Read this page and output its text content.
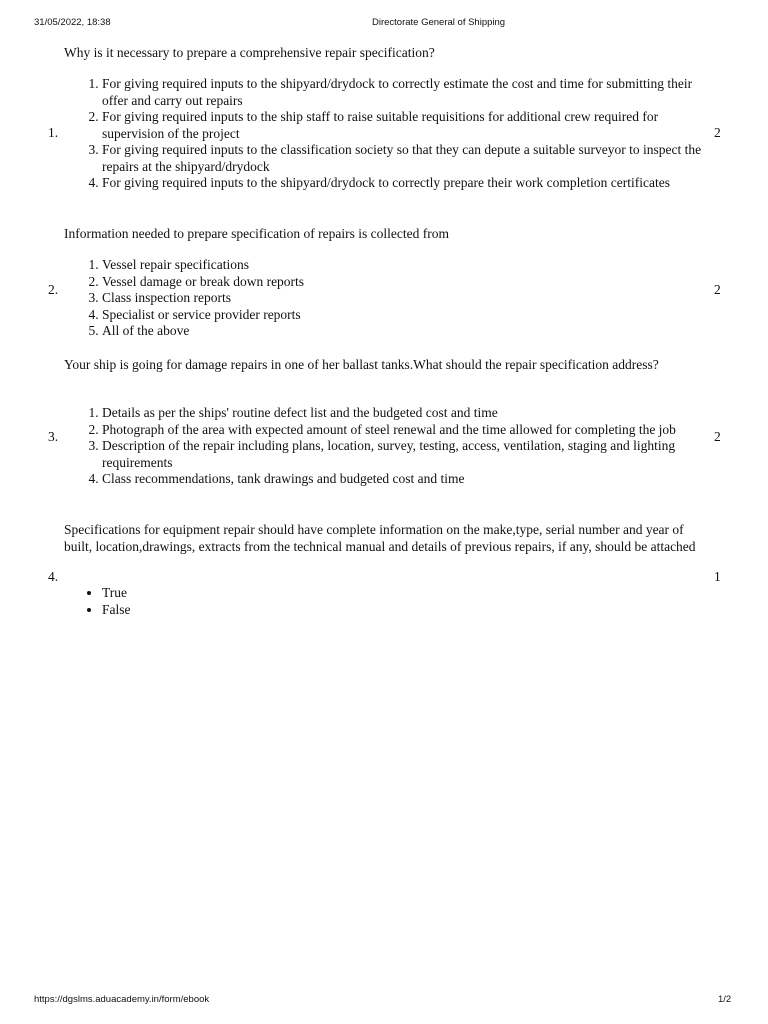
31/05/2022, 18:38	Directorate General of Shipping
Why is it necessary to prepare a comprehensive repair specification?
1.	2
1. For giving required inputs to the shipyard/drydock to correctly estimate the cost and time for submitting their offer and carry out repairs
2. For giving required inputs to the ship staff to raise suitable requisitions for additional crew required for supervision of the project
3. For giving required inputs to the classification society so that they can depute a suitable surveyor to inspect the repairs at the shipyard/drydock
4. For giving required inputs to the shipyard/drydock to correctly prepare their work completion certificates
Information needed to prepare specification of repairs is collected from
2.	2
1. Vessel repair specifications
2. Vessel damage or break down reports
3. Class inspection reports
4. Specialist or service provider reports
5. All of the above
Your ship is going for damage repairs in one of her ballast tanks.What should the repair specification address?
3.	2
1. Details as per the ships' routine defect list and the budgeted cost and time
2. Photograph of the area with expected amount of steel renewal and the time allowed for completing the job
3. Description of the repair including plans, location, survey, testing, access, ventilation, staging and lighting requirements
4. Class recommendations, tank drawings and budgeted cost and time
Specifications for equipment repair should have complete information on the make,type, serial number and year of built, location,drawings, extracts from the technical manual and details of previous repairs, if any, should be attached
4.	1
• True
• False
https://dgslms.aduacademy.in/form/ebook	1/2
